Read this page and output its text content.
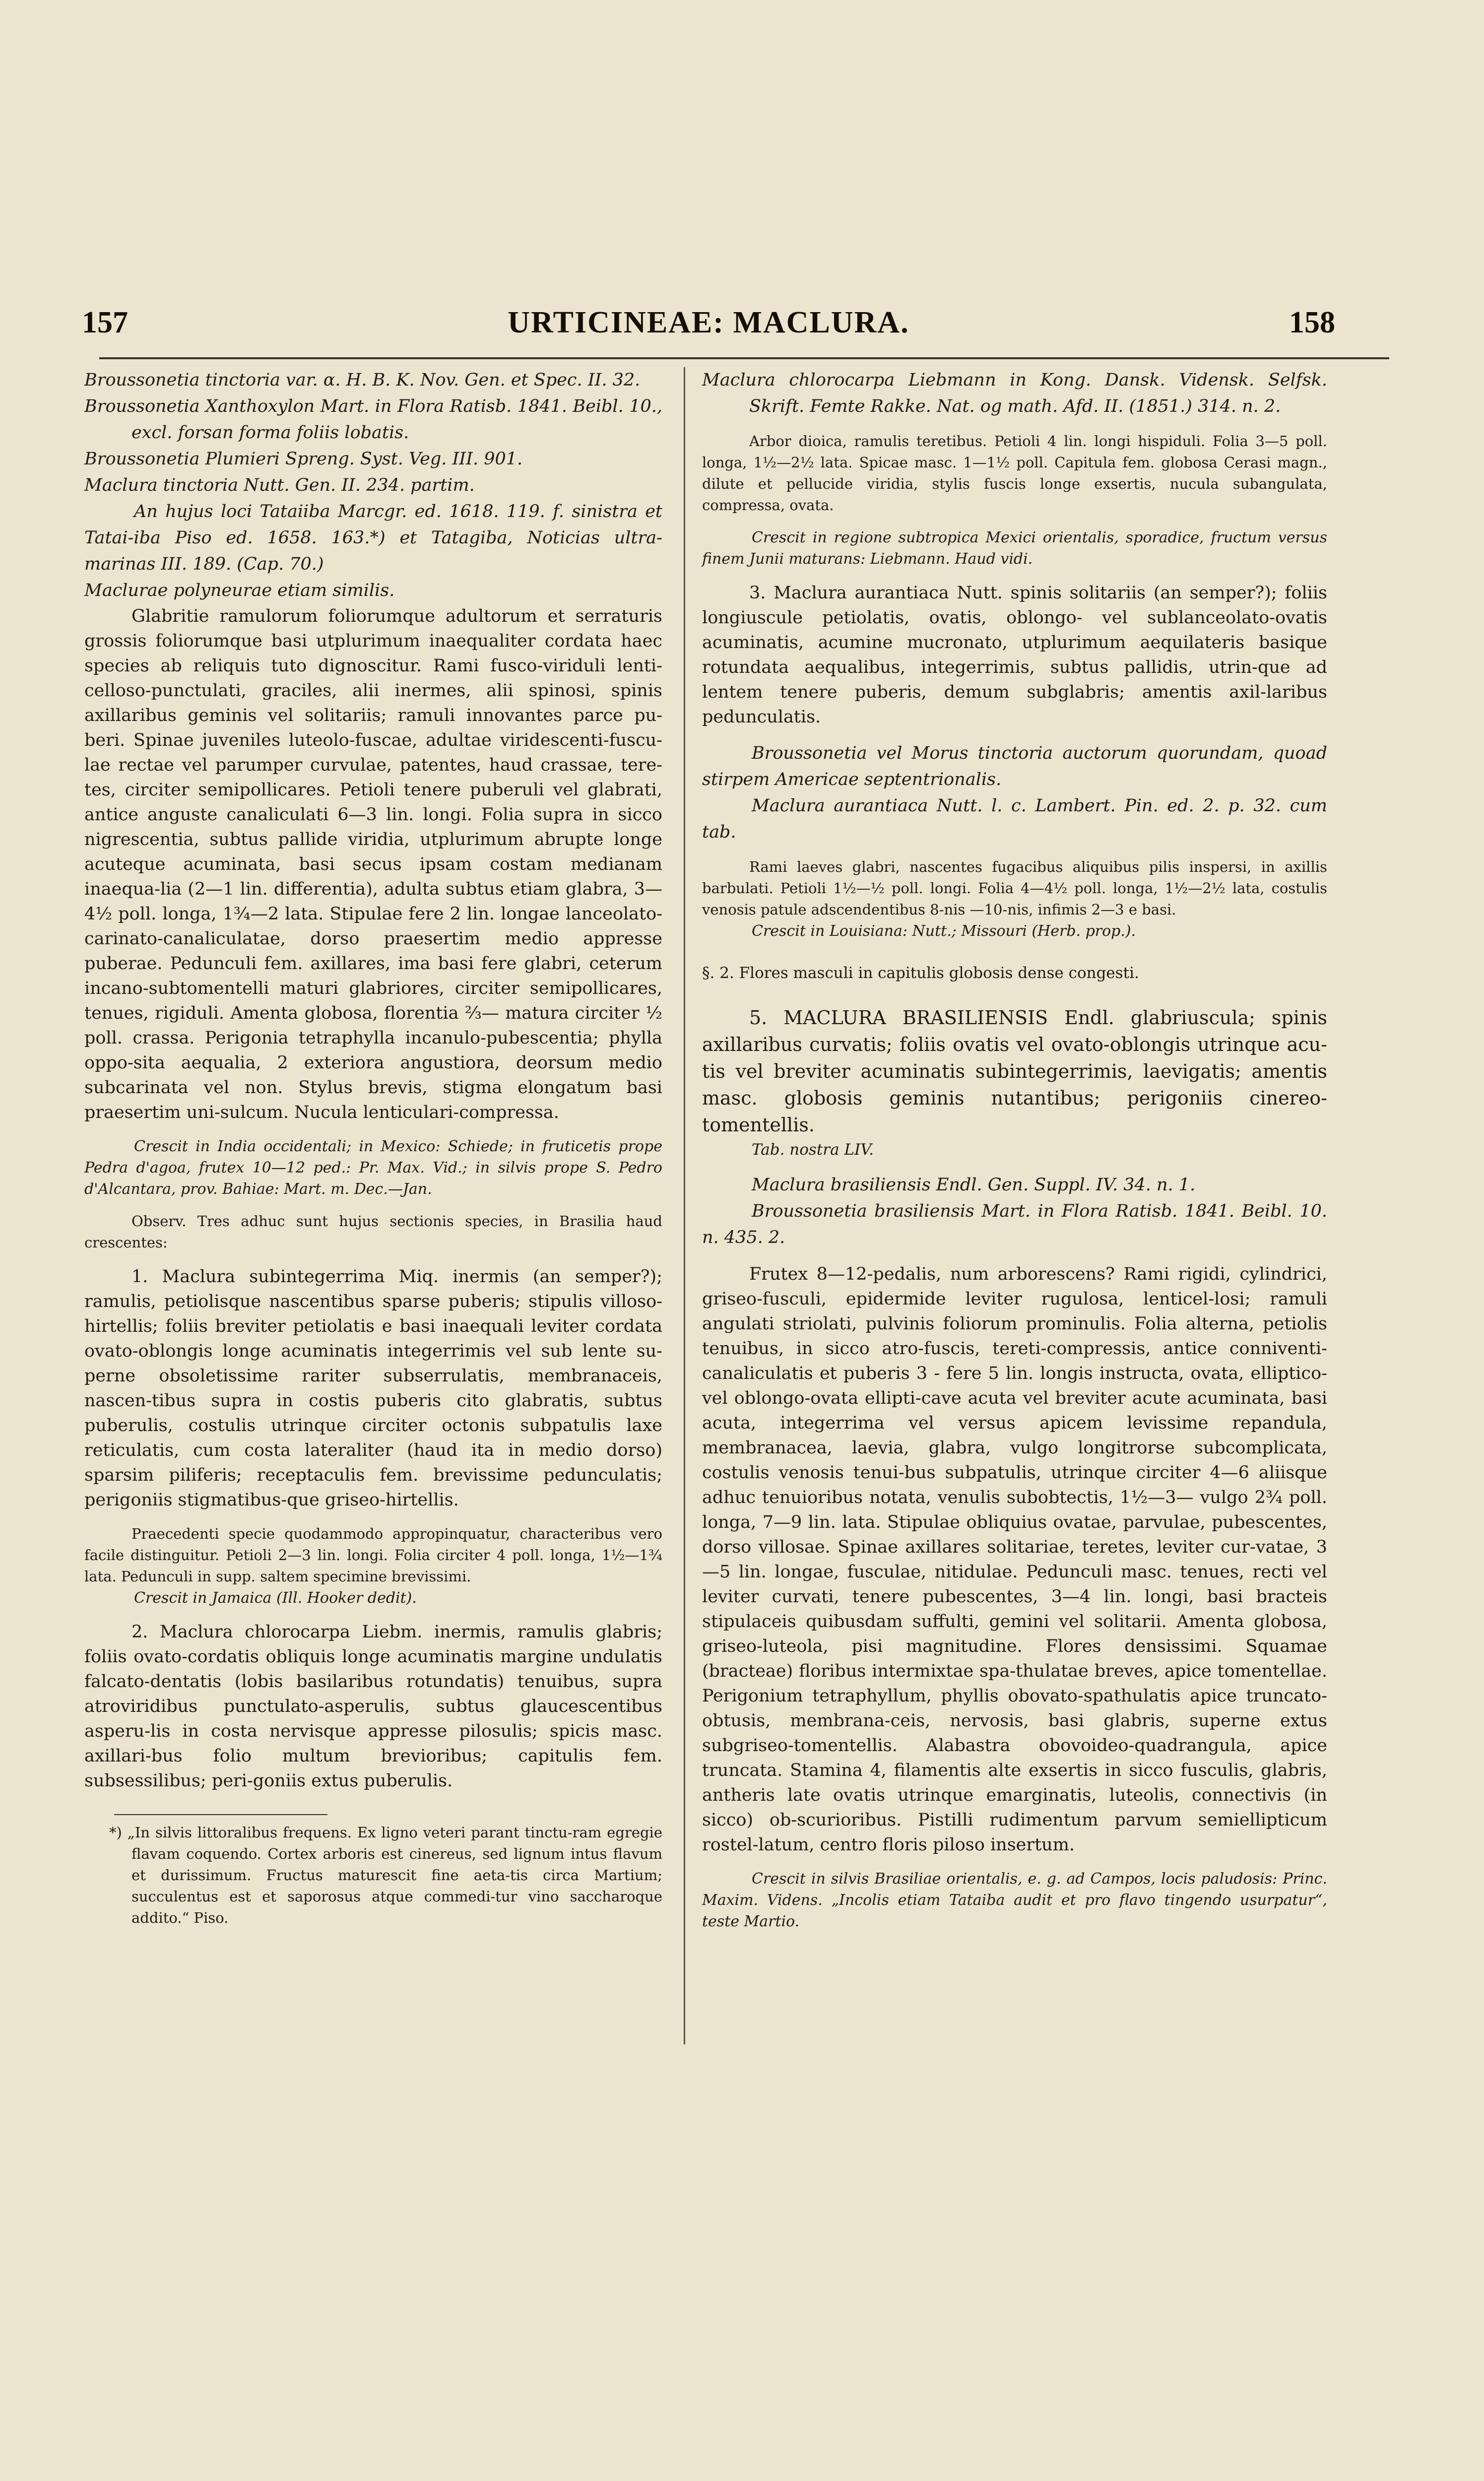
157	URTICINEAE: MACLURA.	158

Broussonetia tinctoria var. α. H. B. K. Nov. Gen. et Spec. II. 32.

Broussonetia Xanthoxylon Mart. in Flora Ratisb. 1841. Beibl. 10., excl. forsan forma foliis lobatis.

Broussonetia Plumieri Spreng. Syst. Veg. III. 901.

Maclura tinctoria Nutt. Gen. II. 234. partim.

An hujus loci Tataiiba Marcgr. ed. 1618. 119. f. sinistra et Tatai-iba Piso ed. 1658. 163.*) et Tatagiba, Noticias ultra-marinas III. 189. (Cap. 70.)

Maclurae polyneurae etiam similis.

Glabritie ramulorum foliorumque adultorum et serraturis grossis foliorumque basi utplurimum inaequaliter cordata haec species ab reliquis tuto dignoscitur. Rami fusco-viriduli lenti-celloso-punctulati, graciles, alii inermes, alii spinosi, spinis axillaribus geminis vel solitariis; ramuli innovantes parce pu-beri. Spinae juveniles luteolo-fuscae, adultae viridescenti-fuscu-lae rectae vel parumper curvulae, patentes, haud crassae, tere-tes, circiter semipollicares. Petioli tenere puberuli vel glabrati, antice anguste canaliculati 6—3 lin. longi. Folia supra in sicco nigrescentia, subtus pallide viridia, utplurimum abrupte longe acuteque acuminata, basi secus ipsam costam medianam inaequa-lia (2—1 lin. differentia), adulta subtus etiam glabra, 3—4½ poll. longa, 1¾—2 lata. Stipulae fere 2 lin. longae lanceolato-carinato-canaliculatae, dorso praesertim medio appresse puberae. Pedunculi fem. axillares, ima basi fere glabri, ceterum incano-subtomentelli maturi glabriores, circiter semipollicares, tenues, rigiduli. Amenta globosa, florentia ⅔— matura circiter ½ poll. crassa. Perigonia tetraphylla incanulo-pubescentia; phylla oppo-sita aequalia, 2 exteriora angustiora, deorsum medio subcarinata vel non. Stylus brevis, stigma elongatum basi praesertim uni-sulcum. Nucula lenticulari-compressa.

Crescit in India occidentali; in Mexico: Schiede; in fruticetis prope Pedra d'agoa, frutex 10—12 ped.: Pr. Max. Vid.; in silvis prope S. Pedro d'Alcantara, prov. Bahiae: Mart. m. Dec.—Jan.

Observ. Tres adhuc sunt hujus sectionis species, in Brasilia haud crescentes:

1. Maclura subintegerrima Miq. inermis (an semper?); ramulis, petiolisque nascentibus sparse puberis; stipulis villoso-hirtellis; foliis breviter petiolatis e basi inaequali leviter cordata ovato-oblongis longe acuminatis integerrimis vel sub lente su-perne obsoletissime rariter subserrulatis, membranaceis, nascen-tibus supra in costis puberis cito glabratis, subtus puberulis, costulis utrinque circiter octonis subpatulis laxe reticulatis, cum costa lateraliter (haud ita in medio dorso) sparsim piliferis; receptaculis fem. brevissime pedunculatis; perigoniis stigmatibus-que griseo-hirtellis.

Praecedenti specie quodammodo appropinquatur, characteribus vero facile distinguitur. Petioli 2—3 lin. longi. Folia circiter 4 poll. longa, 1½—1¾ lata. Pedunculi in supp. saltem specimine brevissimi.

Crescit in Jamaica (Ill. Hooker dedit).

2. Maclura chlorocarpa Liebm. inermis, ramulis glabris; foliis ovato-cordatis obliquis longe acuminatis margine undulatis falcato-dentatis (lobis basilaribus rotundatis) tenuibus, supra atroviridibus punctulato-asperulis, subtus glaucescentibus asperu-lis in costa nervisque appresse pilosulis; spicis masc. axillari-bus folio multum brevioribus; capitulis fem. subsessilibus; peri-goniis extus puberulis.

*) „In silvis littoralibus frequens. Ex ligno veteri parant tinctu-ram egregie flavam coquendo. Cortex arboris est cinereus, sed lignum intus flavum et durissimum. Fructus maturescit fine aeta-tis circa Martium; succulentus est et saporosus atque commedi-tur vino saccharoque addito.“ Piso.

Maclura chlorocarpa Liebmann in Kong. Dansk. Vidensk. Selfsk. Skrift. Femte Rakke. Nat. og math. Afd. II. (1851.) 314. n. 2.

Arbor dioica, ramulis teretibus. Petioli 4 lin. longi hispiduli. Folia 3—5 poll. longa, 1½—2½ lata. Spicae masc. 1—1½ poll. Capitula fem. globosa Cerasi magn., dilute et pellucide viridia, stylis fuscis longe exsertis, nucula subangulata, compressa, ovata.

Crescit in regione subtropica Mexici orientalis, sporadice, fructum versus finem Junii maturans: Liebmann. Haud vidi.

3. Maclura aurantiaca Nutt. spinis solitariis (an semper?); foliis longiuscule petiolatis, ovatis, oblongo- vel sublanceolato-ovatis acuminatis, acumine mucronato, utplurimum aequilateris basique rotundata aequalibus, integerrimis, subtus pallidis, utrin-que ad lentem tenere puberis, demum subglabris; amentis axil-laribus pedunculatis.

Broussonetia vel Morus tinctoria auctorum quorundam, quoad stirpem Americae septentrionalis.

Maclura aurantiaca Nutt. l. c. Lambert. Pin. ed. 2. p. 32. cum tab.

Rami laeves glabri, nascentes fugacibus aliquibus pilis inspersi, in axillis barbulati. Petioli 1½—½ poll. longi. Folia 4—4½ poll. longa, 1½—2½ lata, costulis venosis patule adscendentibus 8-nis —10-nis, infimis 2—3 e basi.

Crescit in Louisiana: Nutt.; Missouri (Herb. prop.).

§. 2. Flores masculi in capitulis globosis dense congesti.

5. MACLURA BRASILIENSIS Endl. glabriuscula; spinis axillaribus curvatis; foliis ovatis vel ovato-oblongis utrinque acu-tis vel breviter acuminatis subintegerrimis, laevigatis; amentis masc. globosis geminis nutantibus; perigoniis cinereo-tomentellis.

Tab. nostra LIV.

Maclura brasiliensis Endl. Gen. Suppl. IV. 34. n. 1.

Broussonetia brasiliensis Mart. in Flora Ratisb. 1841. Beibl. 10. n. 435. 2.

Frutex 8—12-pedalis, num arborescens? Rami rigidi, cylindrici, griseo-fusculi, epidermide leviter rugulosa, lenticel-losi; ramuli angulati striolati, pulvinis foliorum prominulis. Folia alterna, petiolis tenuibus, in sicco atro-fuscis, tereti-compressis, antice conniventi-canaliculatis et puberis 3 - fere 5 lin. longis instructa, ovata, elliptico- vel oblongo-ovata ellipti-cave acuta vel breviter acute acuminata, basi acuta, integerrima vel versus apicem levissime repandula, membranacea, laevia, glabra, vulgo longitrorse subcomplicata, costulis venosis tenui-bus subpatulis, utrinque circiter 4—6 aliisque adhuc tenuioribus notata, venulis subobtectis, 1½—3— vulgo 2¾ poll. longa, 7—9 lin. lata. Stipulae obliquius ovatae, parvulae, pubescentes, dorso villosae. Spinae axillares solitariae, teretes, leviter cur-vatae, 3—5 lin. longae, fusculae, nitidulae. Pedunculi masc. tenues, recti vel leviter curvati, tenere pubescentes, 3—4 lin. longi, basi bracteis stipulaceis quibusdam suffulti, gemini vel solitarii. Amenta globosa, griseo-luteola, pisi magnitudine. Flores densissimi. Squamae (bracteae) floribus intermixtae spa-thulatae breves, apice tomentellae. Perigonium tetraphyllum, phyllis obovato-spathulatis apice truncato-obtusis, membrana-ceis, nervosis, basi glabris, superne extus subgriseo-tomentellis. Alabastra obovoideo-quadrangula, apice truncata. Stamina 4, filamentis alte exsertis in sicco fusculis, glabris, antheris late ovatis utrinque emarginatis, luteolis, connectivis (in sicco) ob-scurioribus. Pistilli rudimentum parvum semiellipticum rostel-latum, centro floris piloso insertum.

Crescit in silvis Brasiliae orientalis, e. g. ad Campos, locis paludosis: Princ. Maxim. Videns. „Incolis etiam Tataiba audit et pro flavo tingendo usurpatur“, teste Martio.
